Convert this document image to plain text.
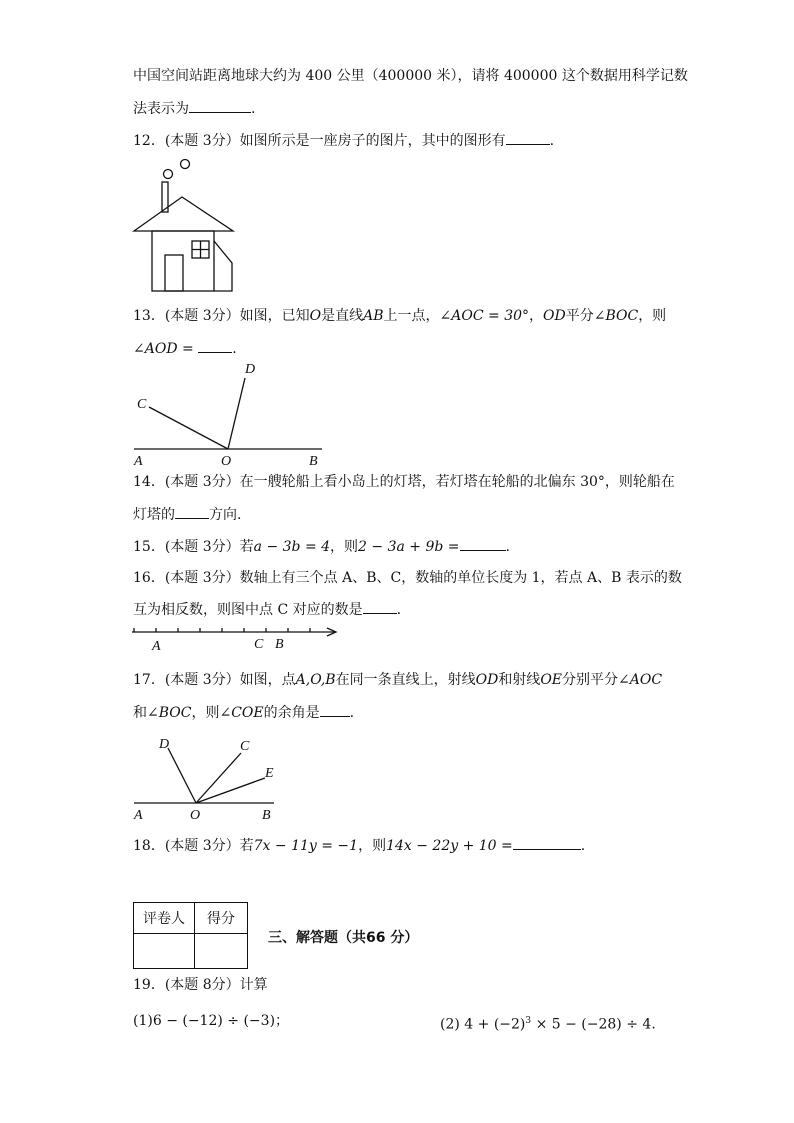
中国空间站距离地球大约为 400 公里（400000 米），请将 400000 这个数据用科学记数
法表示为	.
12．(本题 3分）如图所示是一座房子的图片，其中的图形有	.
13．(本题 3分）如图，已知O是直线AB上一点，∠AOC = 30°，OD平分∠BOC，则
∠AOD =	.
A	O	B
C
D
14．(本题 3分）在一艘轮船上看小岛上的灯塔，若灯塔在轮船的北偏东 30°，则轮船在
灯塔的 方向.
15．(本题 3分）若a − 3b = 4，则2 − 3a + 9b =	.
16．(本题 3分）数轴上有三个点 A、B、C，数轴的单位长度为 1，若点 A、B 表示的数
互为相反数，则图中点 C 对应的数是 .
A	C B
17．(本题 3分）如图，点A,O,B在同一条直线上，射线OD和射线OE分别平分∠AOC
和∠BOC，则∠COE的余角是 .
A	O	B
D	C
E
18．(本题 3分）若7x − 11y = −1，则14x − 22y + 10 =	.
评卷人	得分

三、解答题（共66 分）
19．(本题 8分）计算
(1)6 − (−12) ÷ (−3)；	(2) $4 + (-2)^3 \times 5 - (-28) \div 4$.
